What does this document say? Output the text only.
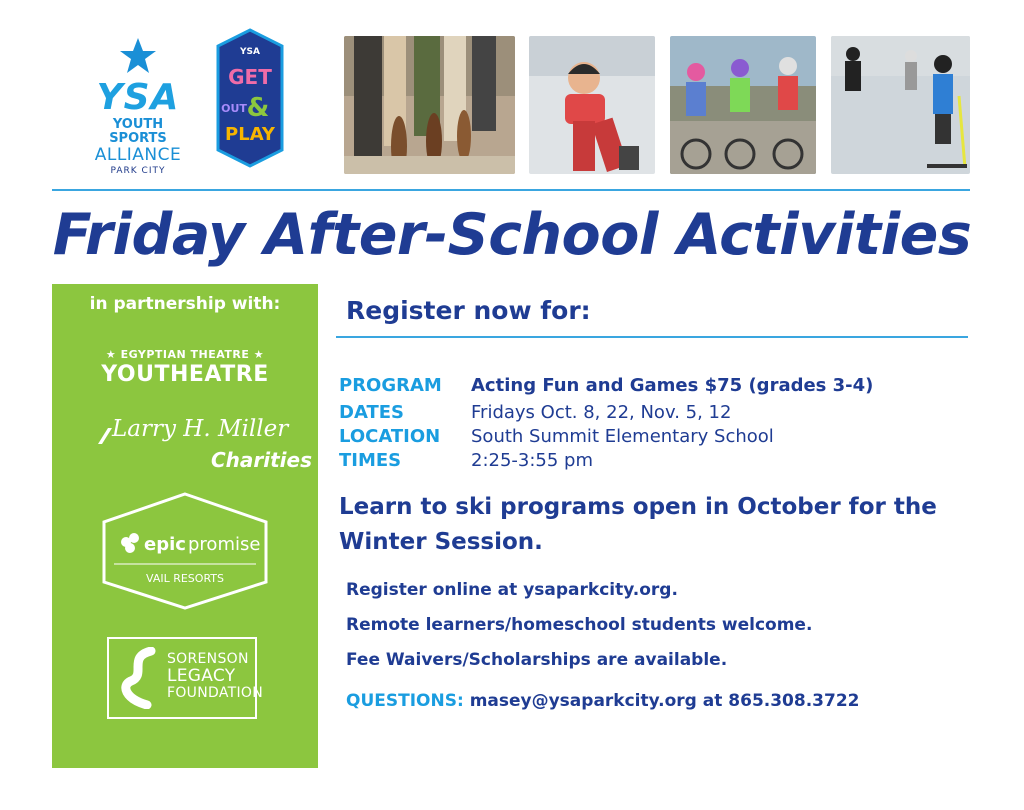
YSA
YOUTH SPORTS
ALLIANCE
PARK CITY
YSA
GET
OUT &
PLAY
Friday After-School Activities
in partnership with:
★ EGYPTIAN THEATRE ★
YOUTHEATRE
Larry H. Miller
Charities
epic promise
VAIL RESORTS
SORENSON
LEGACY
FOUNDATION
Register now for:
PROGRAM Acting Fun and Games $75 (grades 3-4)
DATES	Fridays Oct. 8, 22, Nov. 5, 12
LOCATION South Summit Elementary School
TIMES	2:25-3:55 pm
Learn to ski programs open in October for the Winter Session.
Register online at ysaparkcity.org.
Remote learners/homeschool students welcome.
Fee Waivers/Scholarships are available.
QUESTIONS: masey@ysaparkcity.org at 865.308.3722
